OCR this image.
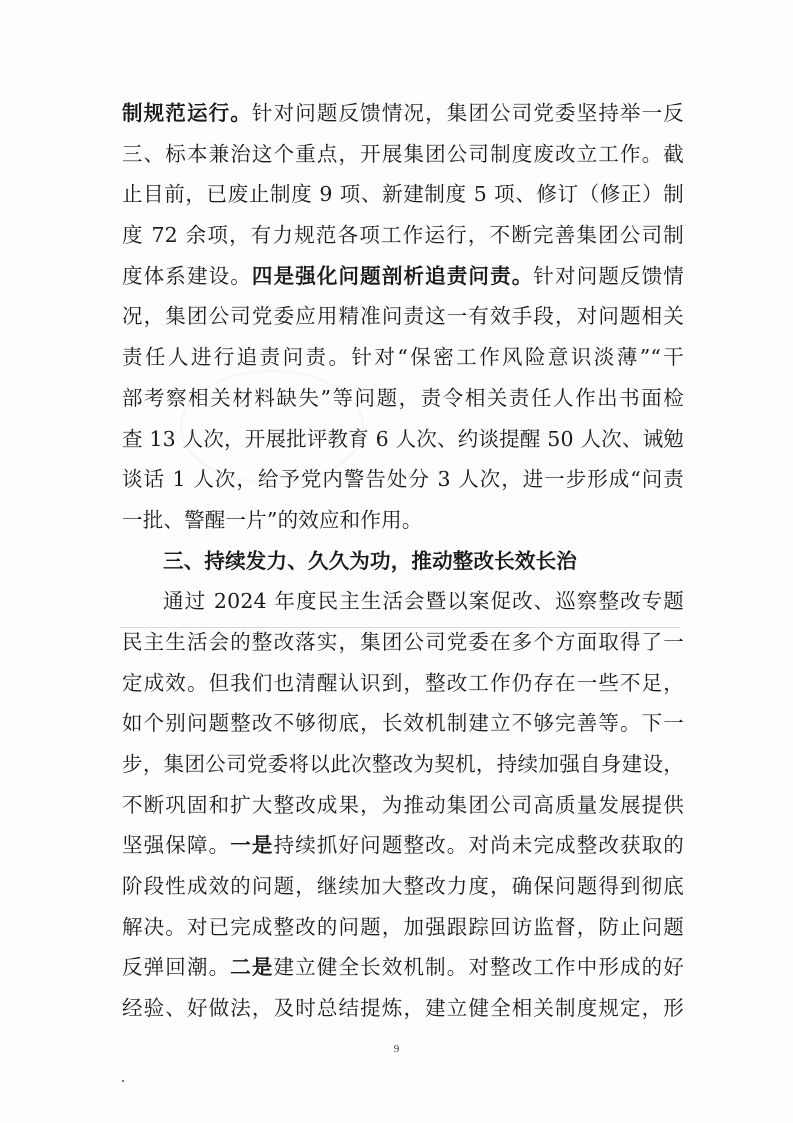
制规范运行。针对问题反馈情况，集团公司党委坚持举一反
三、标本兼治这个重点，开展集团公司制度废改立工作。截
止目前，已废止制度 9 项、新建制度 5 项、修订（修正）制
度 72 余项，有力规范各项工作运行，不断完善集团公司制
度体系建设。四是强化问题剖析追责问责。针对问题反馈情
况，集团公司党委应用精准问责这一有效手段，对问题相关
责任人进行追责问责。针对“保密工作风险意识淡薄”“干
部考察相关材料缺失”等问题，责令相关责任人作出书面检
查 13 人次，开展批评教育 6 人次、约谈提醒 50 人次、诫勉
谈话 1 人次，给予党内警告处分 3 人次，进一步形成“问责
一批、警醒一片”的效应和作用。
三、持续发力、久久为功，推动整改长效长治
通过 2024 年度民主生活会暨以案促改、巡察整改专题
民主生活会的整改落实，集团公司党委在多个方面取得了一
定成效。但我们也清醒认识到，整改工作仍存在一些不足，
如个别问题整改不够彻底，长效机制建立不够完善等。下一
步，集团公司党委将以此次整改为契机，持续加强自身建设，
不断巩固和扩大整改成果，为推动集团公司高质量发展提供
坚强保障。一是持续抓好问题整改。对尚未完成整改获取的
阶段性成效的问题，继续加大整改力度，确保问题得到彻底
解决。对已完成整改的问题，加强跟踪回访监督，防止问题
反弹回潮。二是建立健全长效机制。对整改工作中形成的好
经验、好做法，及时总结提炼，建立健全相关制度规定，形
9
